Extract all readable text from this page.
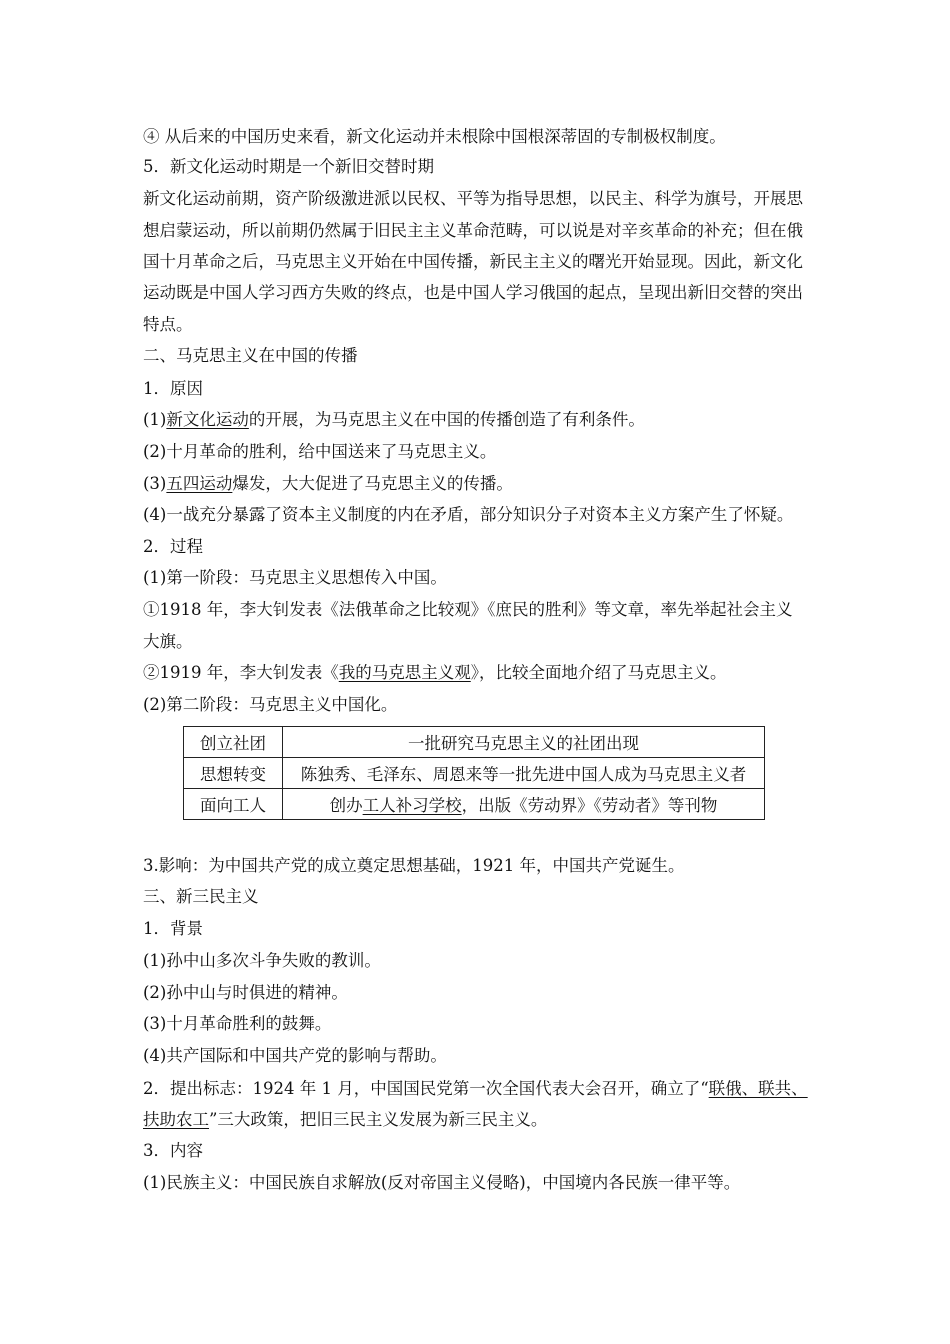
④ 从后来的中国历史来看，新文化运动并未根除中国根深蒂固的专制极权制度。
5．新文化运动时期是一个新旧交替时期
新文化运动前期，资产阶级激进派以民权、平等为指导思想，以民主、科学为旗号，开展思
想启蒙运动，所以前期仍然属于旧民主主义革命范畴，可以说是对辛亥革命的补充；但在俄
国十月革命之后，马克思主义开始在中国传播，新民主主义的曙光开始显现。因此，新文化
运动既是中国人学习西方失败的终点，也是中国人学习俄国的起点，呈现出新旧交替的突出
特点。
二、马克思主义在中国的传播
1．原因
(1)新文化运动的开展，为马克思主义在中国的传播创造了有利条件。
(2)十月革命的胜利，给中国送来了马克思主义。
(3)五四运动爆发，大大促进了马克思主义的传播。
(4)一战充分暴露了资本主义制度的内在矛盾，部分知识分子对资本主义方案产生了怀疑。
2．过程
(1)第一阶段：马克思主义思想传入中国。
①1918 年，李大钊发表《法俄革命之比较观》《庶民的胜利》等文章，率先举起社会主义
大旗。
②1919 年，李大钊发表《我的马克思主义观》，比较全面地介绍了马克思主义。
(2)第二阶段：马克思主义中国化。
创立社团	一批研究马克思主义的社团出现
思想转变	陈独秀、毛泽东、周恩来等一批先进中国人成为马克思主义者
面向工人	创办工人补习学校，出版《劳动界》《劳动者》等刊物
3.影响：为中国共产党的成立奠定思想基础，1921 年，中国共产党诞生。
三、新三民主义
1．背景
(1)孙中山多次斗争失败的教训。
(2)孙中山与时俱进的精神。
(3)十月革命胜利的鼓舞。
(4)共产国际和中国共产党的影响与帮助。
2．提出标志：1924 年 1 月，中国国民党第一次全国代表大会召开，确立了“联俄、联共、
扶助农工”三大政策，把旧三民主义发展为新三民主义。
3．内容
(1)民族主义：中国民族自求解放(反对帝国主义侵略)，中国境内各民族一律平等。
